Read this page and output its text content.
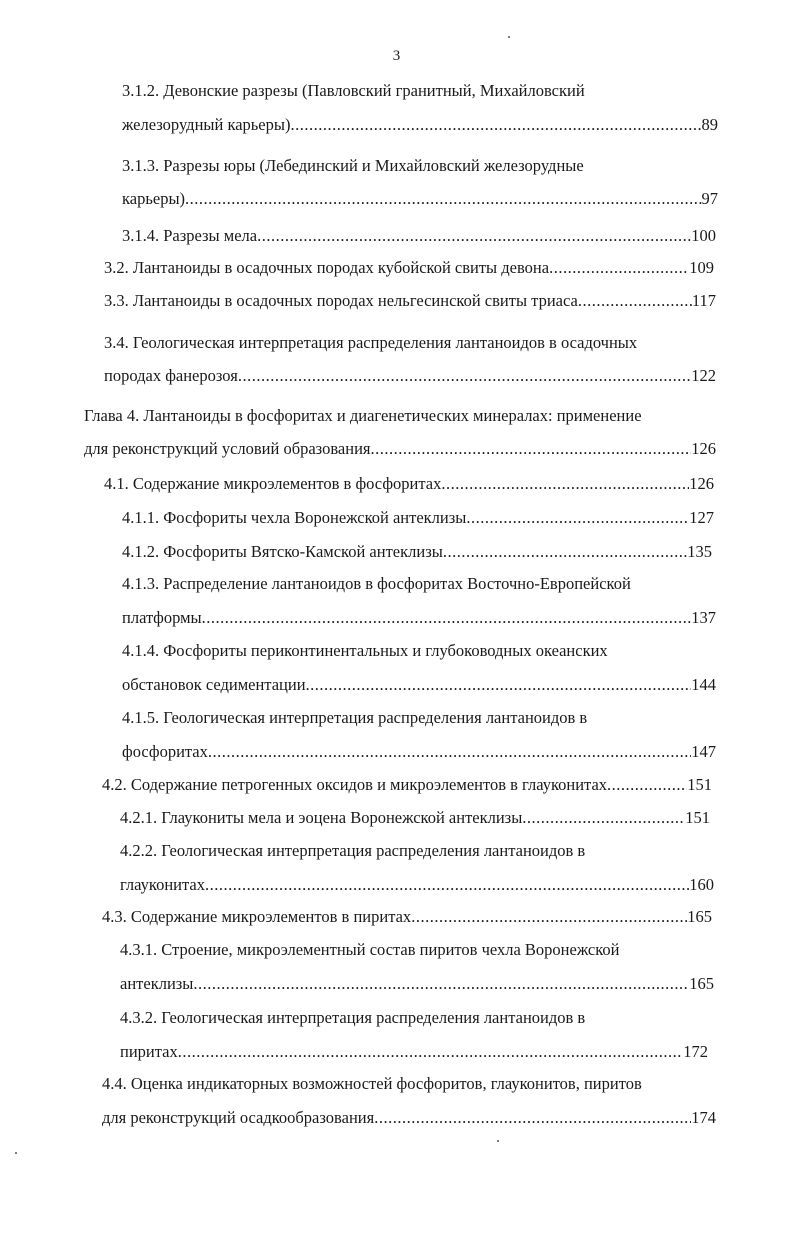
3
3.1.2. Девонские разрезы (Павловский гранитный, Михайловский
железорудный карьеры) .....	89
3.1.3. Разрезы юры (Лебединский и Михайловский железорудные
карьеры) .....	97
3.1.4. Разрезы мела .....	100
3.2. Лантаноиды в осадочных породах кубойской свиты девона .....	109
3.3. Лантаноиды в осадочных породах нельгесинской свиты триаса .....	117
3.4. Геологическая интерпретация распределения лантаноидов в осадочных
породах фанерозоя .....	122
Глава 4. Лантаноиды в фосфоритах и диагенетических минералах: применение
для реконструкций условий образования .....	126
4.1. Содержание микроэлементов в фосфоритах .....	126
4.1.1. Фосфориты чехла Воронежской антеклизы .....	127
4.1.2. Фосфориты Вятско-Камской антеклизы .....	135
4.1.3. Распределение лантаноидов в фосфоритах Восточно-Европейской
платформы .....	137
4.1.4. Фосфориты периконтинентальных и глубоководных океанских
обстановок седиментации .....	144
4.1.5. Геологическая интерпретация распределения лантаноидов в
фосфоритах .....	147
4.2. Содержание петрогенных оксидов и микроэлементов в глауконитах .....	151
4.2.1. Глаукониты мела и эоцена Воронежской антеклизы .....	151
4.2.2. Геологическая интерпретация распределения лантаноидов в
глауконитах .....	160
4.3. Содержание микроэлементов в пиритах .....	165
4.3.1. Строение, микроэлементный состав пиритов чехла Воронежской
антеклизы .....	165
4.3.2. Геологическая интерпретация распределения лантаноидов в
пиритах .....	172
4.4. Оценка индикаторных возможностей фосфоритов, глауконитов, пиритов
для реконструкций осадкообразования .....	174
